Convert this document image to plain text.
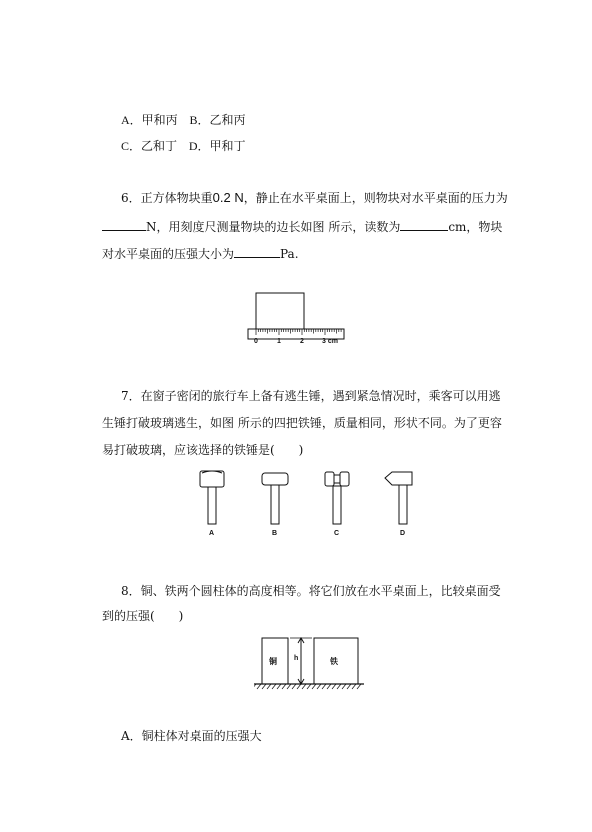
A．甲和丙 B．乙和丙
C．乙和丁 D．甲和丁
6．正方体物块重0.2 N，静止在水平桌面上，则物块对水平桌面的压力为
N，用刻度尺测量物块的边长如图 所示，读数为	cm，物块
对水平桌面的压强大小为	Pa.
0	1	2	3 cm
7．在窗子密闭的旅行车上备有逃生锤，遇到紧急情况时，乘客可以用逃
生锤打破玻璃逃生，如图 所示的四把铁锤，质量相同，形状不同。为了更容
易打破玻璃，应该选择的铁锤是(　　)
A	B	C	D
8．铜、铁两个圆柱体的高度相等。将它们放在水平桌面上，比较桌面受
到的压强(　　)
铜 h	铁
A．铜柱体对桌面的压强大
